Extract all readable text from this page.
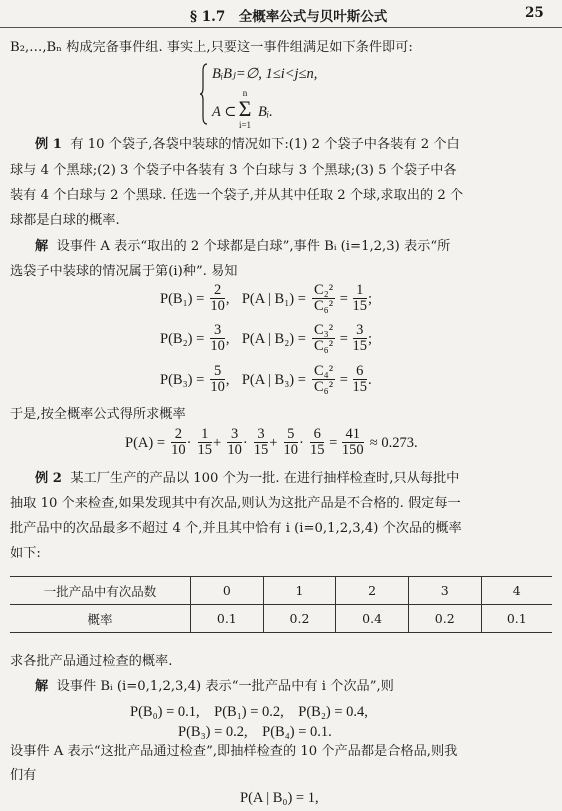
§ 1.7　全概率公式与贝叶斯公式	25
B₂,…,Bₙ 构成完备事件组. 事实上,只要这一事件组满足如下条件即可:
BᵢBⱼ=∅, 1≤i<j≤n,
A ⊂
n
Σ
i=1
Bᵢ.
例 1 有 10 个袋子,各袋中装球的情况如下:(1) 2 个袋子中各装有 2 个白
球与 4 个黑球;(2) 3 个袋子中各装有 3 个白球与 3 个黑球;(3) 5 个袋子中各
装有 4 个白球与 2 个黑球. 任选一个袋子,并从其中任取 2 个球,求取出的 2 个
球都是白球的概率.
解 设事件 A 表示“取出的 2 个球都是白球”,事件 Bᵢ (i=1,2,3) 表示“所
选袋子中装球的情况属于第(i)种”. 易知
$P(B_1) = \frac{2}{10}$ ,   P(A | $B_1) = \frac{\text{C₂²}}{\text{C₆²}} = \frac{1}{15}$ ;
$P(B_2) = \frac{3}{10}$ ,   P(A | $B_2) = \frac{\text{C₃²}}{\text{C₆²}} = \frac{3}{15}$ ;
$P(B_3) = \frac{5}{10}$ ,   P(A | $B_3) = \frac{\text{C₄²}}{\text{C₆²}} = \frac{6}{15}$ .
于是,按全概率公式得所求概率
$P(A) = \frac{2}{10} \cdot \frac{1}{15} + \frac{3}{10} \cdot \frac{3}{15} + \frac{5}{10} \cdot \frac{6}{15} = \frac{41}{150} \approx 0.273$.
例 2 某工厂生产的产品以 100 个为一批. 在进行抽样检查时,只从每批中
抽取 10 个来检查,如果发现其中有次品,则认为这批产品是不合格的. 假定每一
批产品中的次品最多不超过 4 个,并且其中恰有 i (i=0,1,2,3,4) 个次品的概率
如下:
一批产品中有次品数	0	1	2	3	4
概率	0.1	0.2	0.4	0.2	0.1
求各批产品通过检查的概率.
解 设事件 Bᵢ (i=0,1,2,3,4) 表示“一批产品中有 i 个次品”,则
P(B₀) = 0.1,　P(B₁) = 0.2,　P(B₂) = 0.4,
P(B₃) = 0.2,　P(B₄) = 0.1.
设事件 A 表示“这批产品通过检查”,即抽样检查的 10 个产品都是合格品,则我
们有
P(A | B₀) = 1,
